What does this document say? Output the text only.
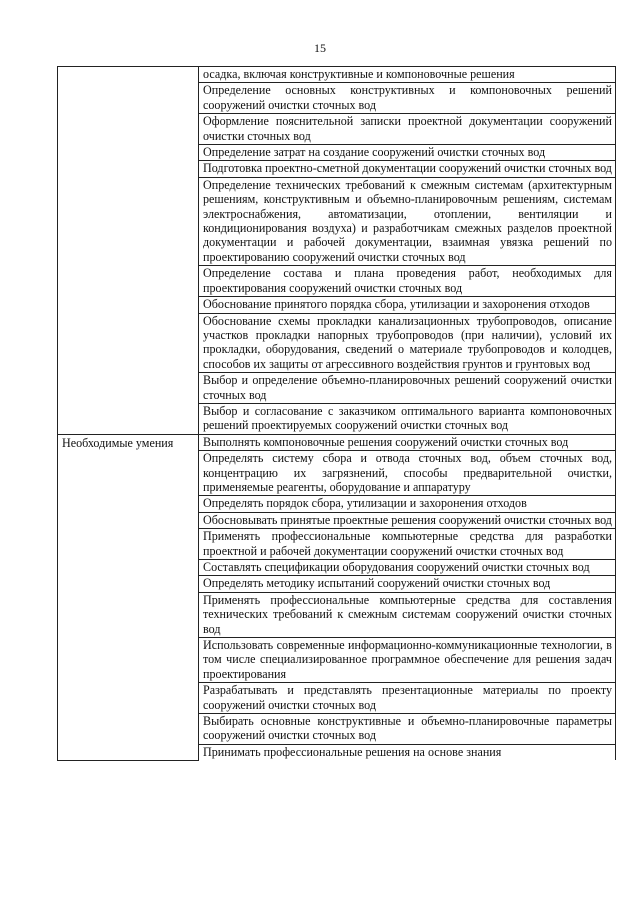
15
	осадка, включая конструктивные и компоновочные решения
	Определение основных конструктивных и компоновочных решений сооружений очистки сточных вод
	Оформление пояснительной записки проектной документации сооружений очистки сточных вод
	Определение затрат на создание сооружений очистки сточных вод
	Подготовка проектно-сметной документации сооружений очистки сточных вод
	Определение технических требований к смежным системам (архитектурным решениям, конструктивным и объемно-планировочным решениям, системам электроснабжения, автоматизации, отоплении, вентиляции и кондиционирования воздуха) и разработчикам смежных разделов проектной документации и рабочей документации, взаимная увязка решений по проектированию сооружений очистки сточных вод
	Определение состава и плана проведения работ, необходимых для проектирования сооружений очистки сточных вод
	Обоснование принятого порядка сбора, утилизации и захоронения отходов
	Обоснование схемы прокладки канализационных трубопроводов, описание участков прокладки напорных трубопроводов (при наличии), условий их прокладки, оборудования, сведений о материале трубопроводов и колодцев, способов их защиты от агрессивного воздействия грунтов и грунтовых вод
	Выбор и определение объемно-планировочных решений сооружений очистки сточных вод
	Выбор и согласование с заказчиком оптимального варианта компоновочных решений проектируемых сооружений очистки сточных вод
Необходимые умения	Выполнять компоновочные решения сооружений очистки сточных вод
	Определять систему сбора и отвода сточных вод, объем сточных вод, концентрацию их загрязнений, способы предварительной очистки, применяемые реагенты, оборудование и аппаратуру
	Определять порядок сбора, утилизации и захоронения отходов
	Обосновывать принятые проектные решения сооружений очистки сточных вод
	Применять профессиональные компьютерные средства для разработки проектной и рабочей документации сооружений очистки сточных вод
	Составлять спецификации оборудования сооружений очистки сточных вод
	Определять методику испытаний сооружений очистки сточных вод
	Применять профессиональные компьютерные средства для составления технических требований к смежным системам сооружений очистки сточных вод
	Использовать современные информационно-коммуникационные технологии, в том числе специализированное программное обеспечение для решения задач проектирования
	Разрабатывать и представлять презентационные материалы по проекту сооружений очистки сточных вод
	Выбирать основные конструктивные и объемно-планировочные параметры сооружений очистки сточных вод
	Принимать профессиональные решения на основе знания
